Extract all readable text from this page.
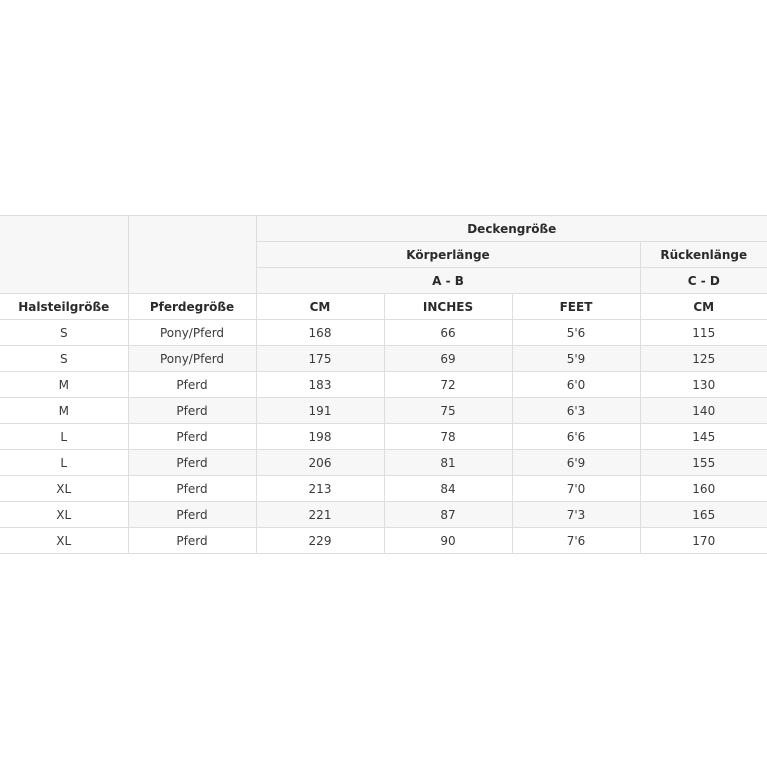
		Deckengröße			
		Körperlänge			Rückenlänge
		A - B			C - D
Halsteilgröße	Pferdegröße	CM	INCHES	FEET	CM
S	Pony/Pferd	168	66	5'6	115
S	Pony/Pferd	175	69	5'9	125
M	Pferd	183	72	6'0	130
M	Pferd	191	75	6'3	140
L	Pferd	198	78	6'6	145
L	Pferd	206	81	6'9	155
XL	Pferd	213	84	7'0	160
XL	Pferd	221	87	7'3	165
XL	Pferd	229	90	7'6	170
